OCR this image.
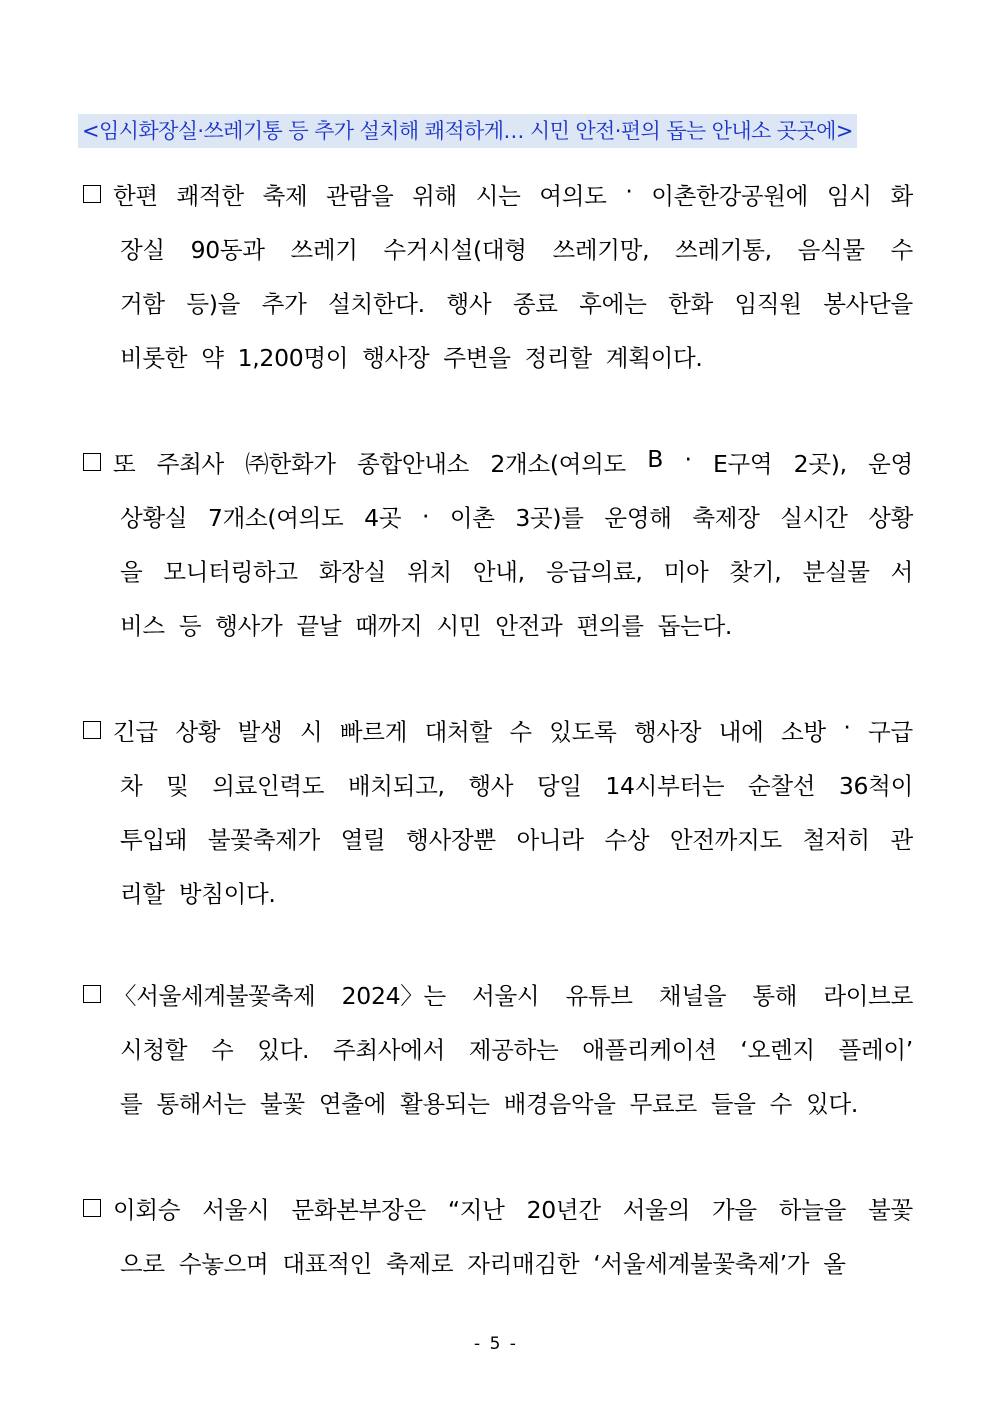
<임시화장실·쓰레기통 등 추가 설치해 쾌적하게… 시민 안전·편의 돕는 안내소 곳곳에>
한편 쾌적한 축제 관람을 위해 시는 여의도 · 이촌한강공원에 임시 화
장실 90동과 쓰레기 수거시설(대형 쓰레기망, 쓰레기통, 음식물 수
거함 등)을 추가 설치한다. 행사 종료 후에는 한화 임직원 봉사단을
비롯한 약 1,200명이 행사장 주변을 정리할 계획이다.
또 주최사 ㈜한화가 종합안내소 2개소(여의도 B · E구역 2곳), 운영
상황실 7개소(여의도 4곳 · 이촌 3곳)를 운영해 축제장 실시간 상황
을 모니터링하고 화장실 위치 안내, 응급의료, 미아 찾기, 분실물 서
비스 등 행사가 끝날 때까지 시민 안전과 편의를 돕는다.
긴급 상황 발생 시 빠르게 대처할 수 있도록 행사장 내에 소방 · 구급
차 및 의료인력도 배치되고, 행사 당일 14시부터는 순찰선 36척이
투입돼 불꽃축제가 열릴 행사장뿐 아니라 수상 안전까지도 철저히 관
리할 방침이다.
〈서울세계불꽃축제 2024〉는 서울시 유튜브 채널을 통해 라이브로
시청할 수 있다. 주최사에서 제공하는 애플리케이션 ‘오렌지 플레이’
를 통해서는 불꽃 연출에 활용되는 배경음악을 무료로 들을 수 있다.
이회승 서울시 문화본부장은 “지난 20년간 서울의 가을 하늘을 불꽃
으로 수놓으며 대표적인 축제로 자리매김한 ‘서울세계불꽃축제’가 올
- 5 -
